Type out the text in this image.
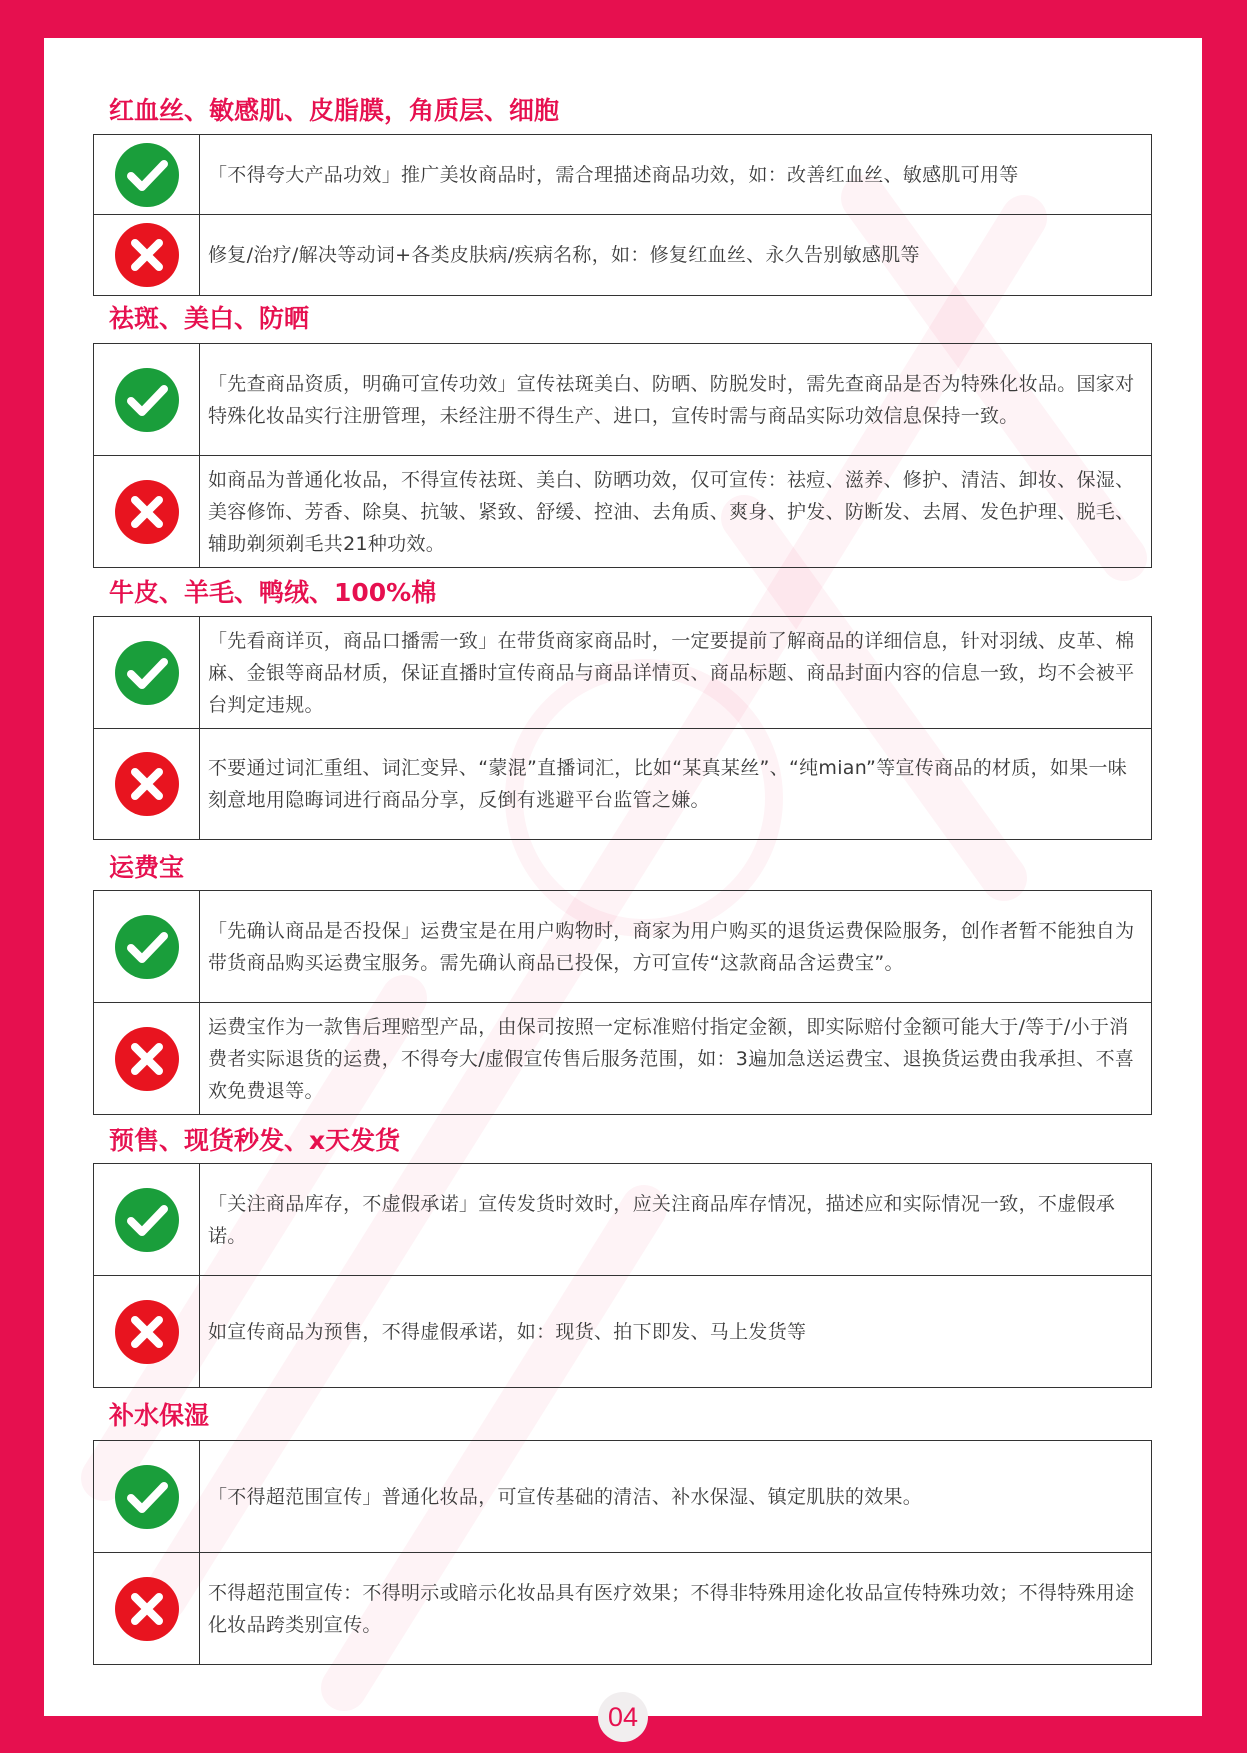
红血丝、敏感肌、皮脂膜，角质层、细胞
「不得夸大产品功效」推广美妆商品时，需合理描述商品功效，如：改善红血丝、敏感肌可用等
修复/治疗/解决等动词+各类皮肤病/疾病名称，如：修复红血丝、永久告别敏感肌等
祛斑、美白、防晒
「先查商品资质，明确可宣传功效」宣传祛斑美白、防晒、防脱发时，需先查商品是否为特殊化妆品。国家对特殊化妆品实行注册管理，未经注册不得生产、进口，宣传时需与商品实际功效信息保持一致。
如商品为普通化妆品，不得宣传祛斑、美白、防晒功效，仅可宣传：祛痘、滋养、修护、清洁、卸妆、保湿、美容修饰、芳香、除臭、抗皱、紧致、舒缓、控油、去角质、爽身、护发、防断发、去屑、发色护理、脱毛、辅助剃须剃毛共21种功效。
牛皮、羊毛、鸭绒、100%棉
「先看商详页，商品口播需一致」在带货商家商品时，一定要提前了解商品的详细信息，针对羽绒、皮革、棉麻、金银等商品材质，保证直播时宣传商品与商品详情页、商品标题、商品封面内容的信息一致，均不会被平台判定违规。
不要通过词汇重组、词汇变异、“蒙混”直播词汇，比如“某真某丝”、“纯mian”等宣传商品的材质，如果一味刻意地用隐晦词进行商品分享，反倒有逃避平台监管之嫌。
运费宝
「先确认商品是否投保」运费宝是在用户购物时，商家为用户购买的退货运费保险服务，创作者暂不能独自为带货商品购买运费宝服务。需先确认商品已投保，方可宣传“这款商品含运费宝”。
运费宝作为一款售后理赔型产品，由保司按照一定标准赔付指定金额，即实际赔付金额可能大于/等于/小于消费者实际退货的运费，不得夸大/虚假宣传售后服务范围，如：3遍加急送运费宝、退换货运费由我承担、不喜欢免费退等。
预售、现货秒发、x天发货
「关注商品库存，不虚假承诺」宣传发货时效时，应关注商品库存情况，描述应和实际情况一致，不虚假承诺。
如宣传商品为预售，不得虚假承诺，如：现货、拍下即发、马上发货等
补水保湿
「不得超范围宣传」普通化妆品，可宣传基础的清洁、补水保湿、镇定肌肤的效果。
不得超范围宣传：不得明示或暗示化妆品具有医疗效果；不得非特殊用途化妆品宣传特殊功效；不得特殊用途化妆品跨类别宣传。
04
